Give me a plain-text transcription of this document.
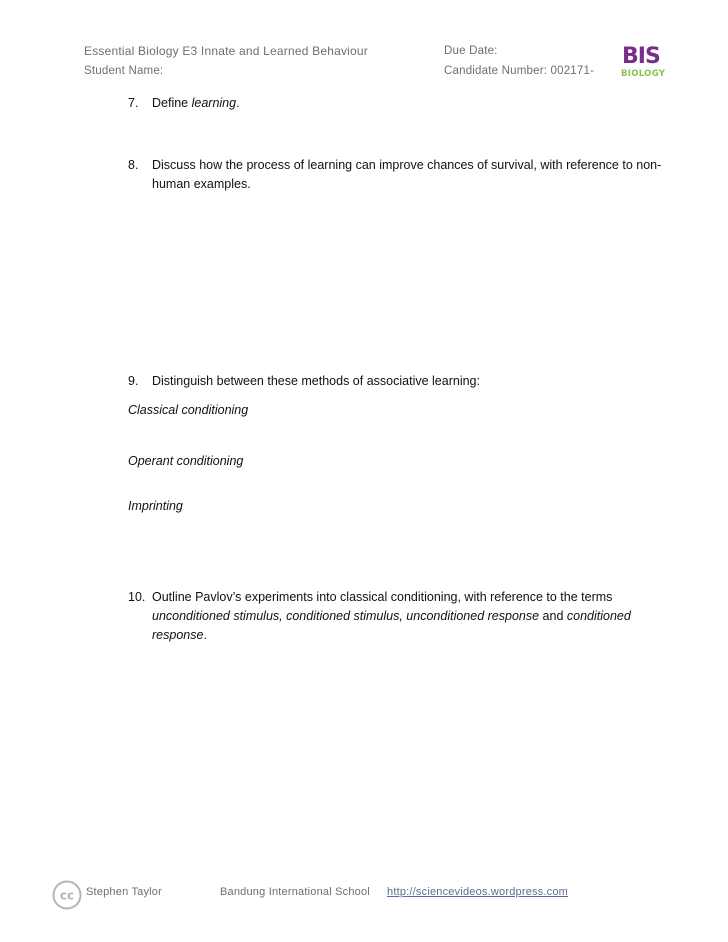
Essential Biology E3 Innate and Learned Behaviour
Student Name:
Due Date:
Candidate Number: 002171-
BIS
BIOLOGY
7. Define learning.
8. Discuss how the process of learning can improve chances of survival, with reference to non-
human examples.
9. Distinguish between these methods of associative learning:
Classical conditioning
Operant conditioning
Imprinting
10. Outline Pavlov’s experiments into classical conditioning, with reference to the terms
unconditioned stimulus, conditioned stimulus, unconditioned response and conditioned
response.
cc Stephen Taylor	Bandung International School http://sciencevideos.wordpress.com
